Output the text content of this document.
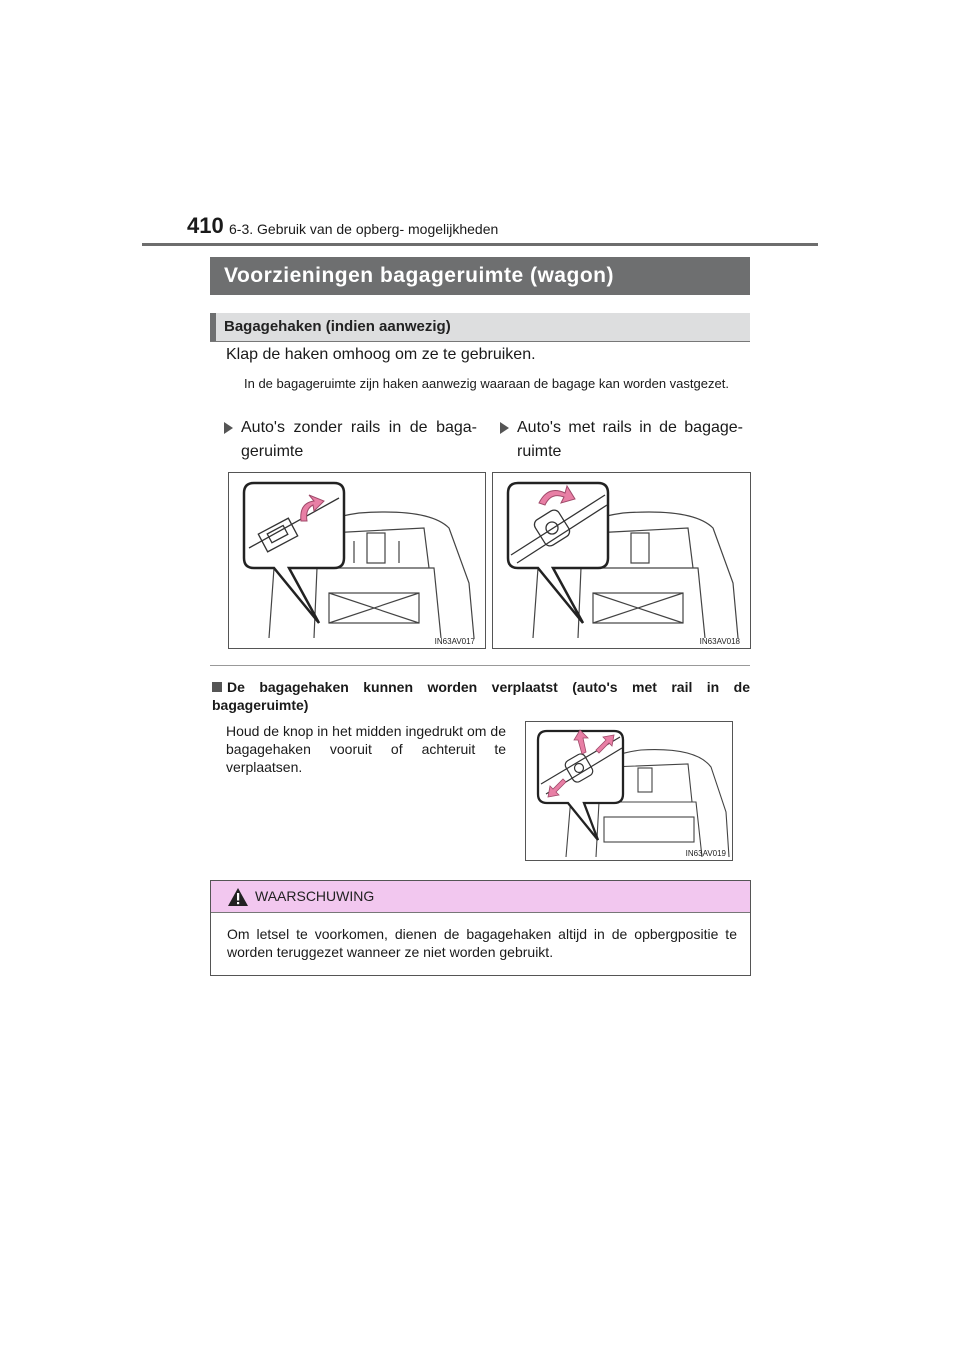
410 6-3. Gebruik van de opberg- mogelijkheden
Voorzieningen bagageruimte (wagon)
Bagagehaken (indien aanwezig)
Klap de haken omhoog om ze te gebruiken.
In de bagageruimte zijn haken aanwezig waaraan de bagage kan worden vastgezet.
Auto's zonder rails in de baga-geruimte
Auto's met rails in de bagage-ruimte
IN63AV017	IN63AV018
De bagagehaken kunnen worden verplaatst (auto's met rail in de bagageruimte)
Houd de knop in het midden ingedrukt om de bagagehaken vooruit of achteruit te verplaatsen.
IN63AV019
WAARSCHUWING
Om letsel te voorkomen, dienen de bagagehaken altijd in de opbergpositie te worden teruggezet wanneer ze niet worden gebruikt.
